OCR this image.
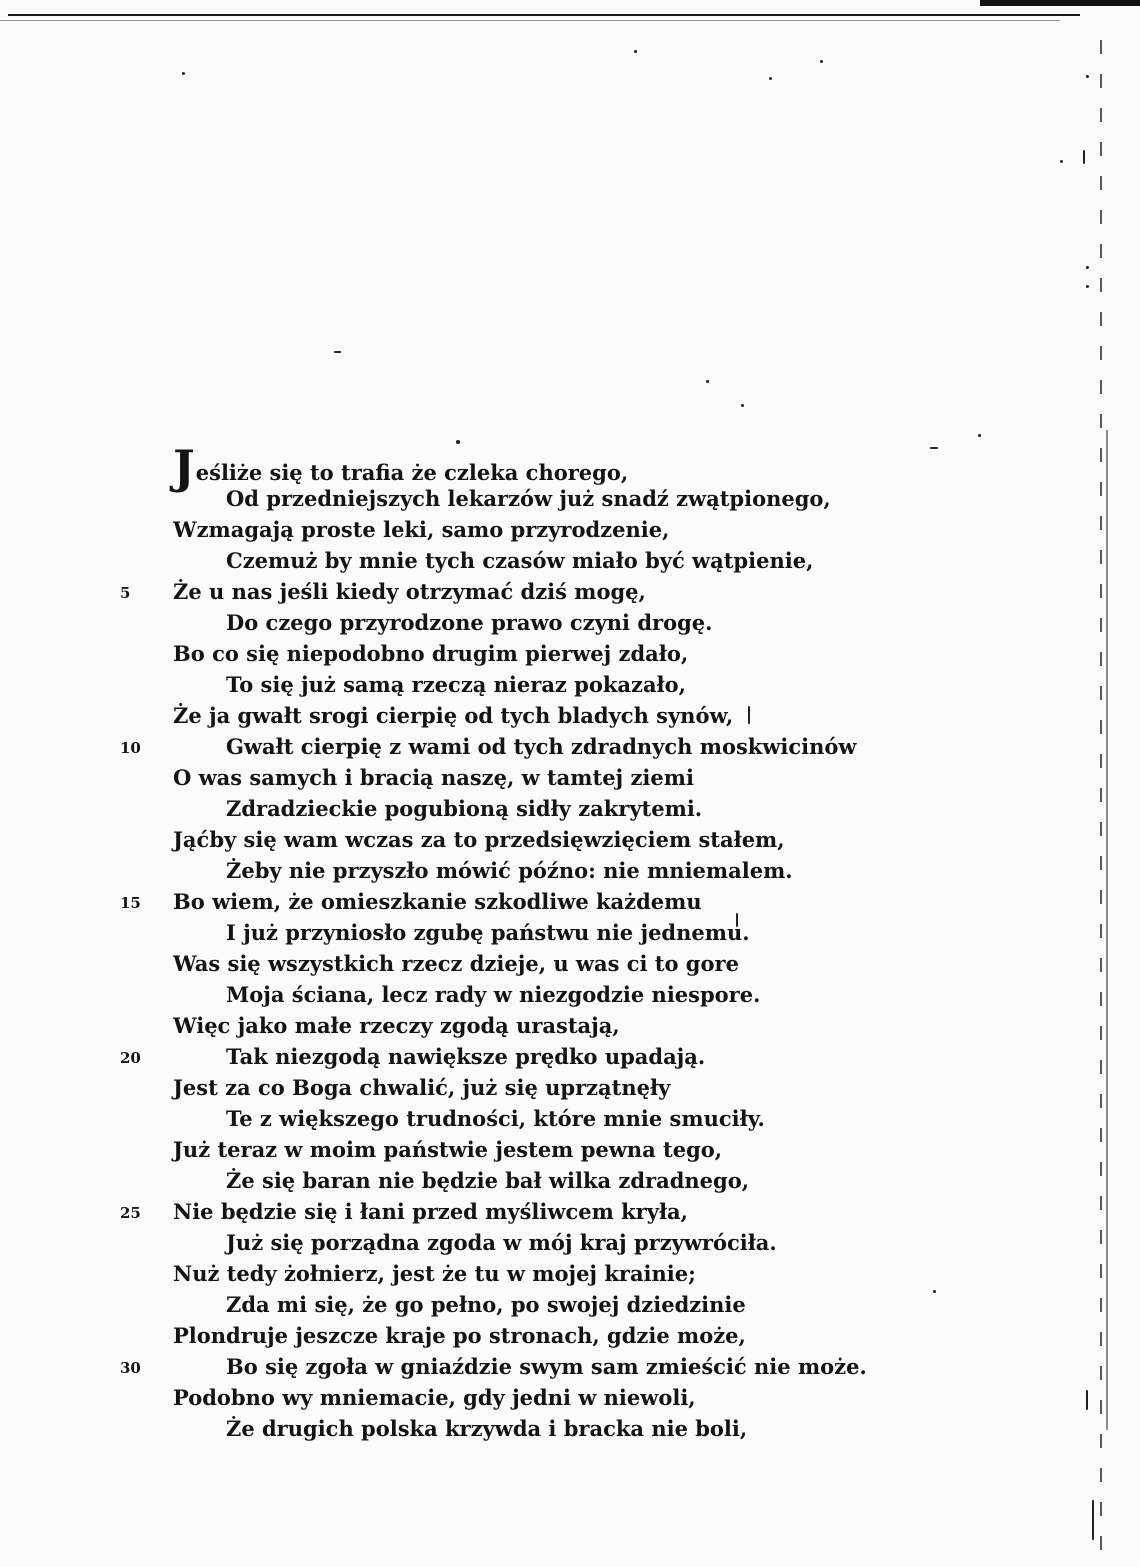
Jeśliże się to trafia że czleka chorego,
Od przedniejszych lekarzów już snadź zwątpionego,
Wzmagają proste leki, samo przyrodzenie,
Czemuż by mnie tych czasów miało być wątpienie,
5	Że u nas jeśli kiedy otrzymać dziś mogę,
Do czego przyrodzone prawo czyni drogę.
Bo co się niepodobno drugim pierwej zdało,
To się już samą rzeczą nieraz pokazało,
Że ja gwałt srogi cierpię od tych bladych synów,
10	Gwałt cierpię z wami od tych zdradnych moskwicinów
O was samych i bracią naszę, w tamtej ziemi
Zdradzieckie pogubioną sidły zakrytemi.
Jąćby się wam wczas za to przedsięwzięciem stałem,
Żeby nie przyszło mówić późno: nie mniemalem.
15	Bo wiem, że omieszkanie szkodliwe każdemu
I już przyniosło zgubę państwu nie jednemu.
Was się wszystkich rzecz dzieje, u was ci to gore
Moja ściana, lecz rady w niezgodzie niespore.
Więc jako małe rzeczy zgodą urastają,
20	Tak niezgodą nawiększe prędko upadają.
Jest za co Boga chwalić, już się uprzątnęły
Te z większego trudności, które mnie smuciły.
Już teraz w moim państwie jestem pewna tego,
Że się baran nie będzie bał wilka zdradnego,
25	Nie będzie się i łani przed myśliwcem kryła,
Już się porządna zgoda w mój kraj przywróciła.
Nuż tedy żołnierz, jest że tu w mojej krainie;
Zda mi się, że go pełno, po swojej dziedzinie
Plondruje jeszcze kraje po stronach, gdzie może,
30	Bo się zgoła w gniaździe swym sam zmieścić nie może.
Podobno wy mniemacie, gdy jedni w niewoli,
Że drugich polska krzywda i bracka nie boli,
